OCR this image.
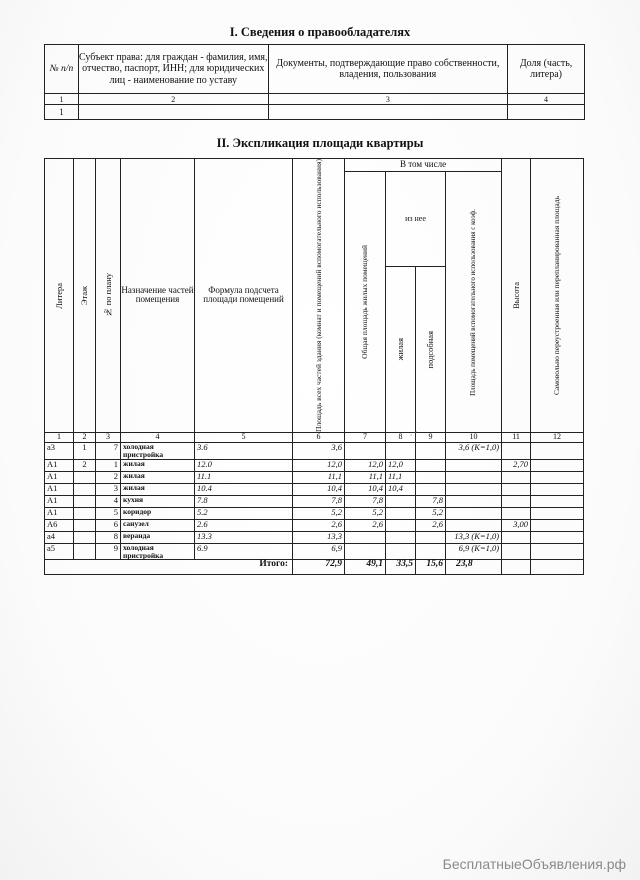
I. Сведения о правообладателях
№ п/п	Субъект права: для граждан - фамилия, имя, отчество, паспорт, ИНН; для юридических лиц - наименование по уставу	Документы, подтверждающие право собственности, владения, пользования	Доля (часть, литера)
1	2	3	4
1			
II. Экспликация площади квартиры
Литера	Этаж	№ по плану	Назначение частей помещения	Формула подсчета площади помещений	Площадь всех частей здания (комнат и помещений вспомогательного использования)	В том числе				Высота	Самовольно переустроенная или перепланированная площадь

						Общая площадь жилых помещений	из нее		Площадь помещений вспомогательного использования с коэф.		

							жилая	подсобная			

1	2	3	4	5	6	7	8	9	10	11	12
а3	1	7	холодная пристройка	3.6	3,6				3,6 (К=1,0)		
А1	2	1	жилая	12.0	12,0	12,0	12,0			2,70	
А1		2	жилая	11.1	11,1	11,1	11,1				
А1		3	жилая	10.4	10,4	10,4	10,4				
А1		4	кухня	7.8	7,8	7,8		7,8			
А1		5	коридор	5.2	5,2	5,2		5,2			
А6		6	санузел	2.6	2,6	2,6		2,6		3,00	
а4		8	веранда	13.3	13,3				13,3 (К=1,0)		
а5		9	холодная пристройка	6.9	6,9				6,9 (К=1,0)		
Итого:					72,9	49,1	33,5	15,6	23,8		
∙ ´
БесплатныеОбъявления.рф
